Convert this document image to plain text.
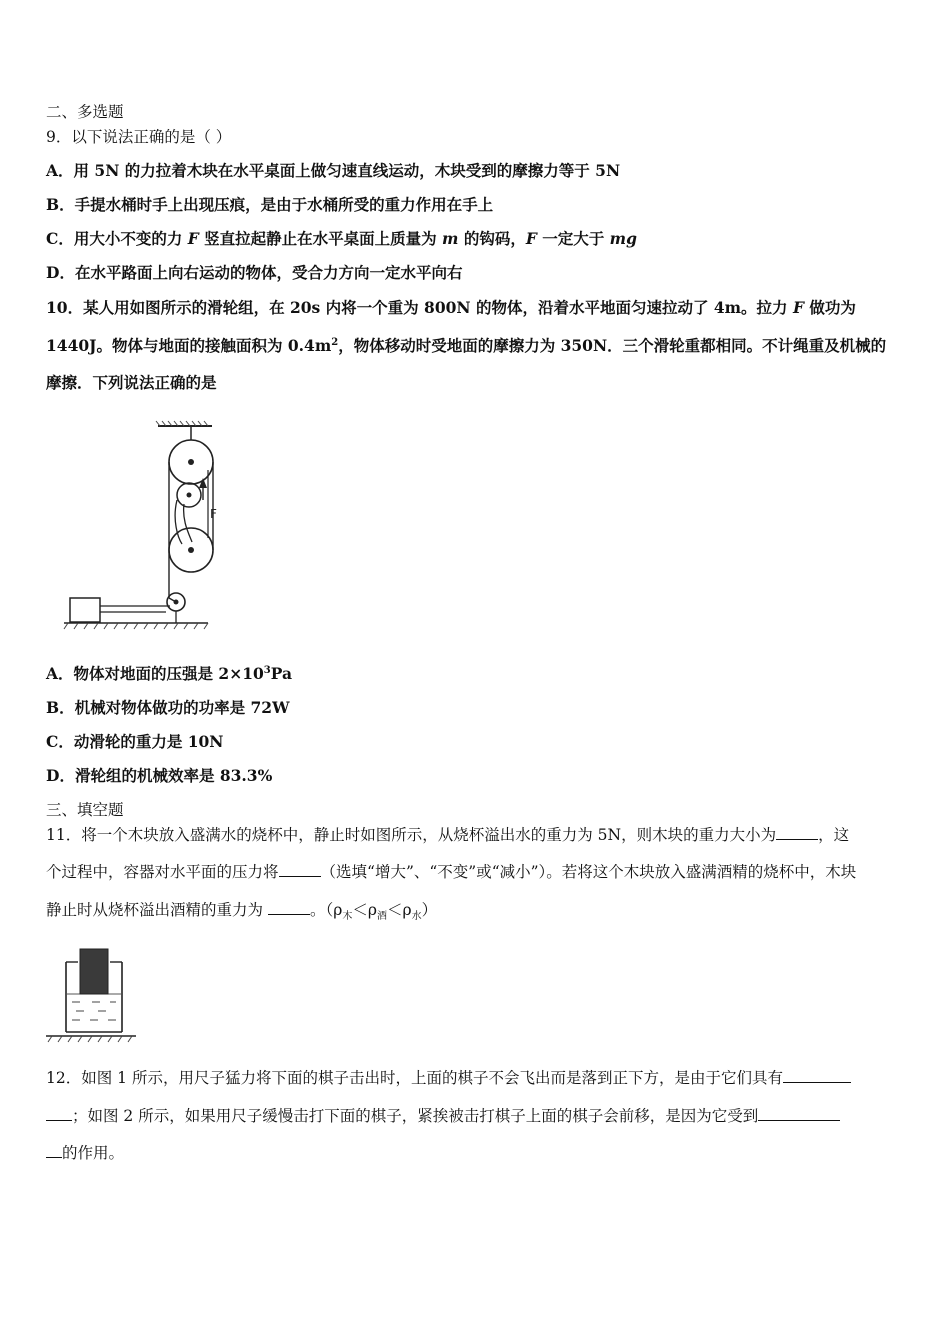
二、多选题
9．以下说法正确的是（ ）
A．用 5N 的力拉着木块在水平桌面上做匀速直线运动，木块受到的摩擦力等于 5N
B．手提水桶时手上出现压痕，是由于水桶所受的重力作用在手上
C．用大小不变的力 F 竖直拉起静止在水平桌面上质量为 m 的钩码，F 一定大于 mg
D．在水平路面上向右运动的物体，受合力方向一定水平向右
10．某人用如图所示的滑轮组，在 20s 内将一个重为 800N 的物体，沿着水平地面匀速拉动了 4m。拉力 F 做功为
1440J。物体与地面的接触面积为 $0.4m^2$，物体移动时受地面的摩擦力为 350N．三个滑轮重都相同。不计绳重及机械的
摩擦．下列说法正确的是
F
A．物体对地面的压强是 $2\times 10^3Pa$
B．机械对物体做功的功率是 72W
C．动滑轮的重力是 10N
D．滑轮组的机械效率是 83.3%
三、填空题
11．将一个木块放入盛满水的烧杯中，静止时如图所示，从烧杯溢出水的重力为 5N，则木块的重力大小为	，这
个过程中，容器对水平面的压力将	（选填“增大”、“不变”或“减小”）。若将这个木块放入盛满酒精的烧杯中，木块
静止时从烧杯溢出酒精的重力为	。$(\rho_木<\rho_酒<\rho_水)$
12．如图 1 所示，用尺子猛力将下面的棋子击出时，上面的棋子不会飞出而是落到正下方，是由于它们具有
；如图 2 所示，如果用尺子缓慢击打下面的棋子，紧挨被击打棋子上面的棋子会前移，是因为它受到
的作用。
